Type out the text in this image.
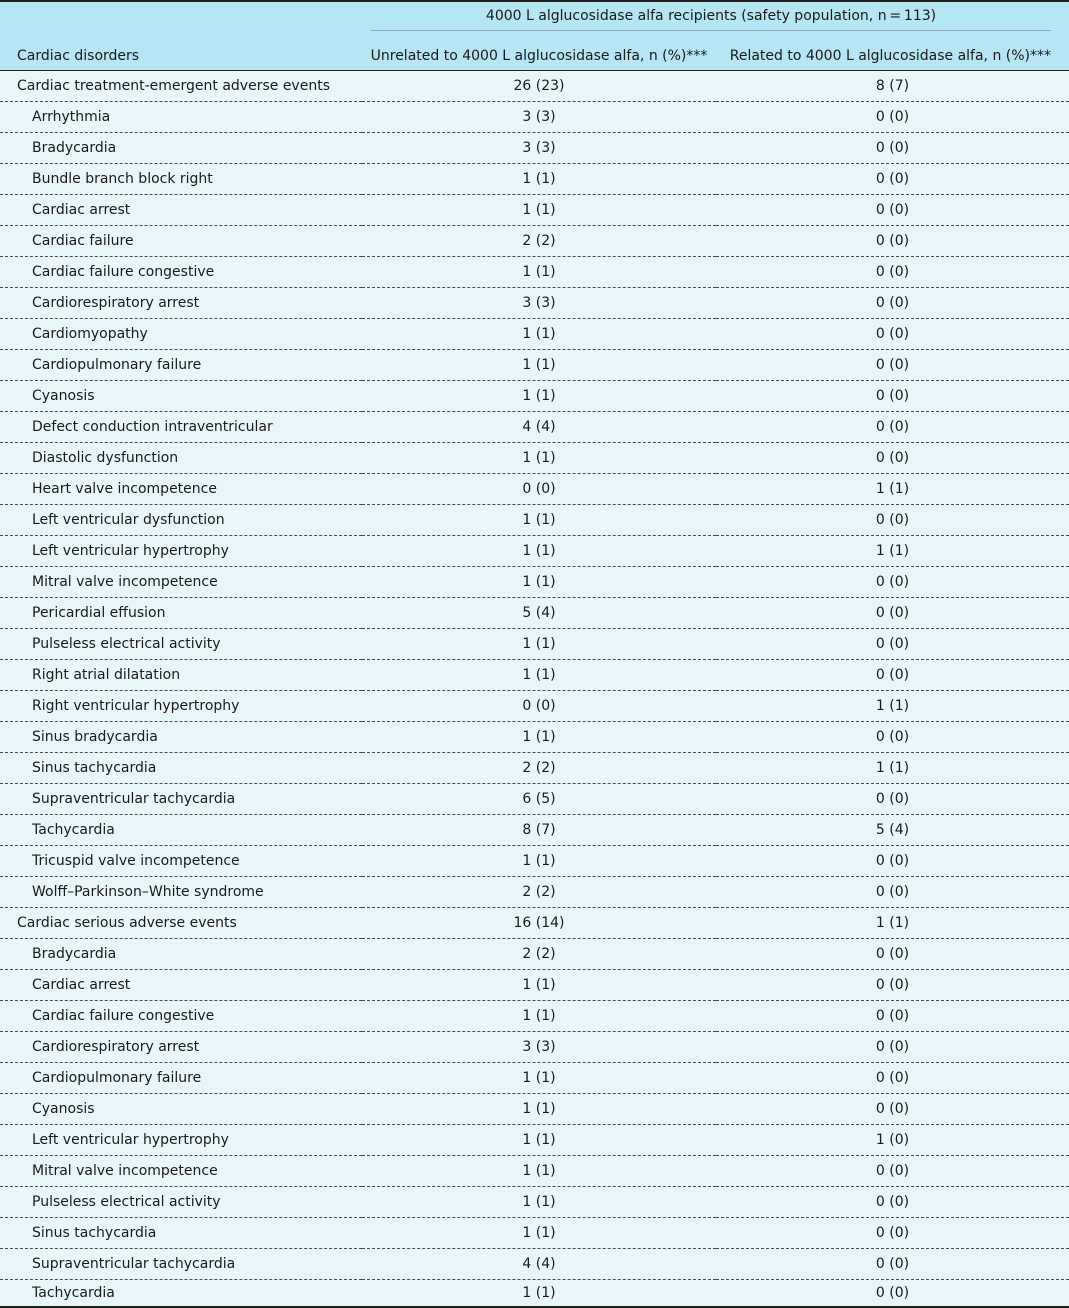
	4000 L alglucosidase alfa recipients (safety population, n = 113)	

Cardiac disorders	Unrelated to 4000 L alglucosidase alfa, n (%)***	Related to 4000 L alglucosidase alfa, n (%)***
Cardiac treatment-emergent adverse events	26 (23)	8 (7)
Arrhythmia	3 (3)	0 (0)
Bradycardia	3 (3)	0 (0)
Bundle branch block right	1 (1)	0 (0)
Cardiac arrest	1 (1)	0 (0)
Cardiac failure	2 (2)	0 (0)
Cardiac failure congestive	1 (1)	0 (0)
Cardiorespiratory arrest	3 (3)	0 (0)
Cardiomyopathy	1 (1)	0 (0)
Cardiopulmonary failure	1 (1)	0 (0)
Cyanosis	1 (1)	0 (0)
Defect conduction intraventricular	4 (4)	0 (0)
Diastolic dysfunction	1 (1)	0 (0)
Heart valve incompetence	0 (0)	1 (1)
Left ventricular dysfunction	1 (1)	0 (0)
Left ventricular hypertrophy	1 (1)	1 (1)
Mitral valve incompetence	1 (1)	0 (0)
Pericardial effusion	5 (4)	0 (0)
Pulseless electrical activity	1 (1)	0 (0)
Right atrial dilatation	1 (1)	0 (0)
Right ventricular hypertrophy	0 (0)	1 (1)
Sinus bradycardia	1 (1)	0 (0)
Sinus tachycardia	2 (2)	1 (1)
Supraventricular tachycardia	6 (5)	0 (0)
Tachycardia	8 (7)	5 (4)
Tricuspid valve incompetence	1 (1)	0 (0)
Wolff–Parkinson–White syndrome	2 (2)	0 (0)
Cardiac serious adverse events	16 (14)	1 (1)
Bradycardia	2 (2)	0 (0)
Cardiac arrest	1 (1)	0 (0)
Cardiac failure congestive	1 (1)	0 (0)
Cardiorespiratory arrest	3 (3)	0 (0)
Cardiopulmonary failure	1 (1)	0 (0)
Cyanosis	1 (1)	0 (0)
Left ventricular hypertrophy	1 (1)	1 (0)
Mitral valve incompetence	1 (1)	0 (0)
Pulseless electrical activity	1 (1)	0 (0)
Sinus tachycardia	1 (1)	0 (0)
Supraventricular tachycardia	4 (4)	0 (0)
Tachycardia	1 (1)	0 (0)
